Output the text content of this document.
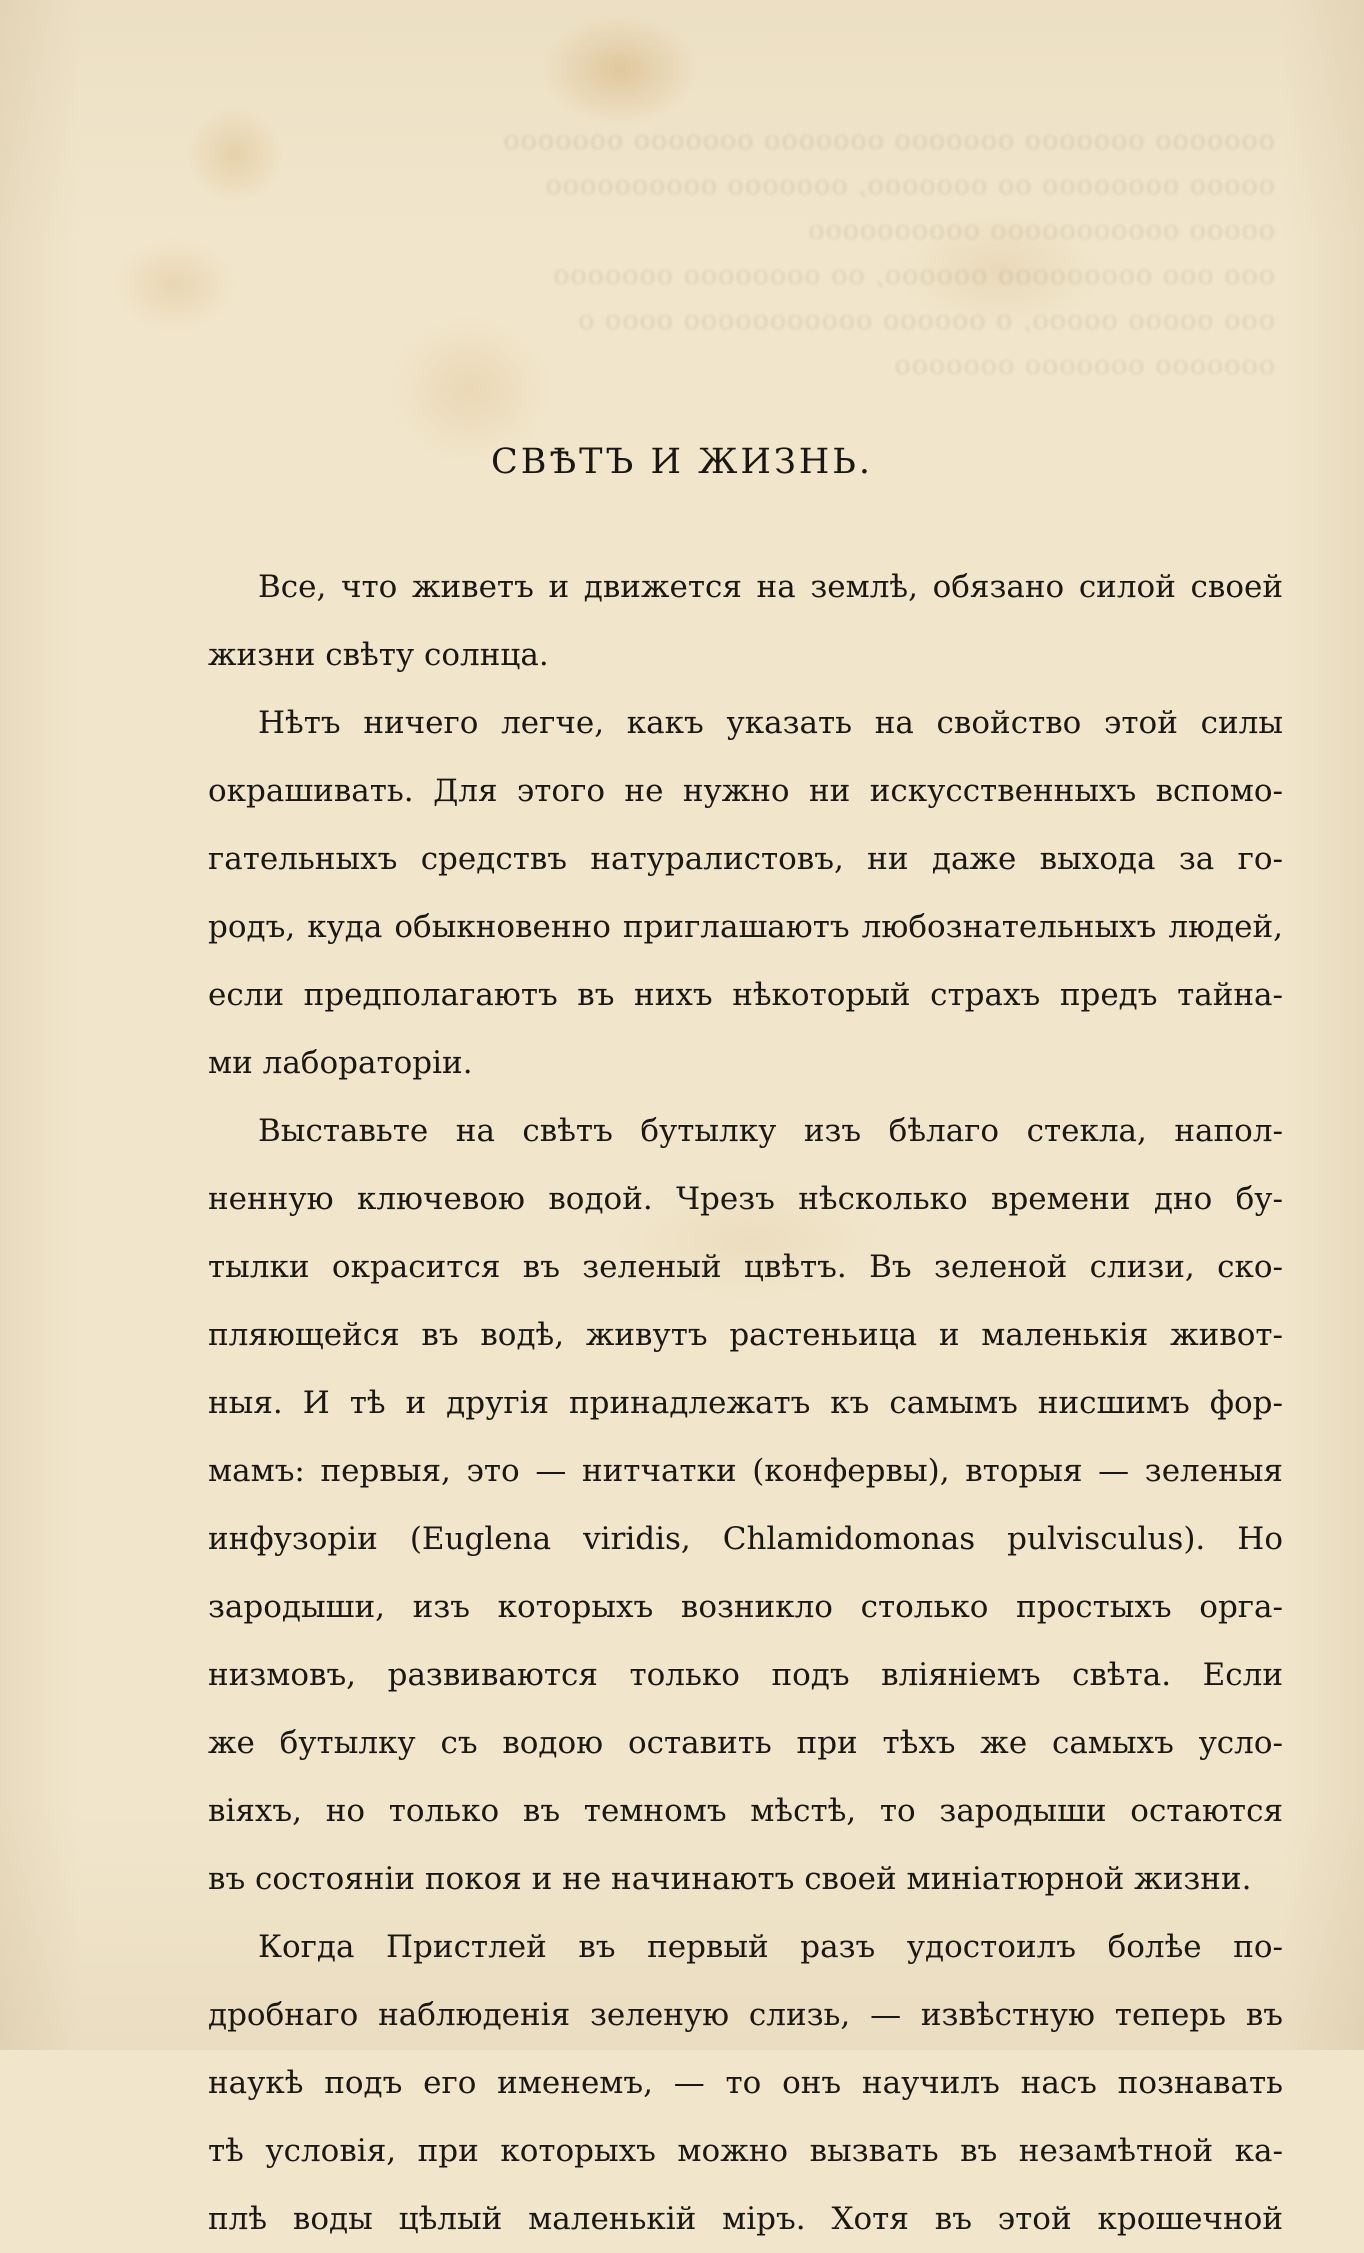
ooooooo ooooooo ooooooo ooooooo ooooooo ooooooo
ooooo oooooooo oo ooooooo, ooooooo oooooooooo
ooooo ooooooooooo oooooooooo
ooo ooo ooooooooo oooooo, oo oooooooo ooooooo
ooo ooooo ooooo, o oooooo ooooooooooo oooo o
ooooooo ooooooo ooooooo
СВѢТЪ И ЖИЗНЬ.
Все, что живетъ и движется на землѣ, обязано силой своей
жизни свѣту солнца.
Нѣтъ ничего легче, какъ указать на свойство этой силы
окрашивать. Для этого не нужно ни искусственныхъ вспомо-
гательныхъ средствъ натуралистовъ, ни даже выхода за го-
родъ, куда обыкновенно приглашаютъ любознательныхъ людей,
если предполагаютъ въ нихъ нѣкоторый страхъ предъ тайна-
ми лабораторіи.
Выставьте на свѣтъ бутылку изъ бѣлаго стекла, напол-
ненную ключевою водой. Чрезъ нѣсколько времени дно бу-
тылки окрасится въ зеленый цвѣтъ. Въ зеленой слизи, ско-
пляющейся въ водѣ, живутъ растеньица и маленькія живот-
ныя. И тѣ и другія принадлежатъ къ самымъ нисшимъ фор-
мамъ: первыя, это — нитчатки (конфервы), вторыя — зеленыя
инфузоріи (Euglena viridis, Chlamidomonas pulvisculus). Но
зародыши, изъ которыхъ возникло столько простыхъ орга-
низмовъ, развиваются только подъ вліяніемъ свѣта. Если
же бутылку съ водою оставить при тѣхъ же самыхъ усло-
віяхъ, но только въ темномъ мѣстѣ, то зародыши остаются
въ состояніи покоя и не начинаютъ своей миніатюрной жизни.
Когда Пристлей въ первый разъ удостоилъ болѣе по-
дробнаго наблюденія зеленую слизь, — извѣстную теперь въ
наукѣ подъ его именемъ, — то онъ научилъ насъ познавать
тѣ условія, при которыхъ можно вызвать въ незамѣтной ка-
плѣ воды цѣлый маленькій міръ. Хотя въ этой крошечной
